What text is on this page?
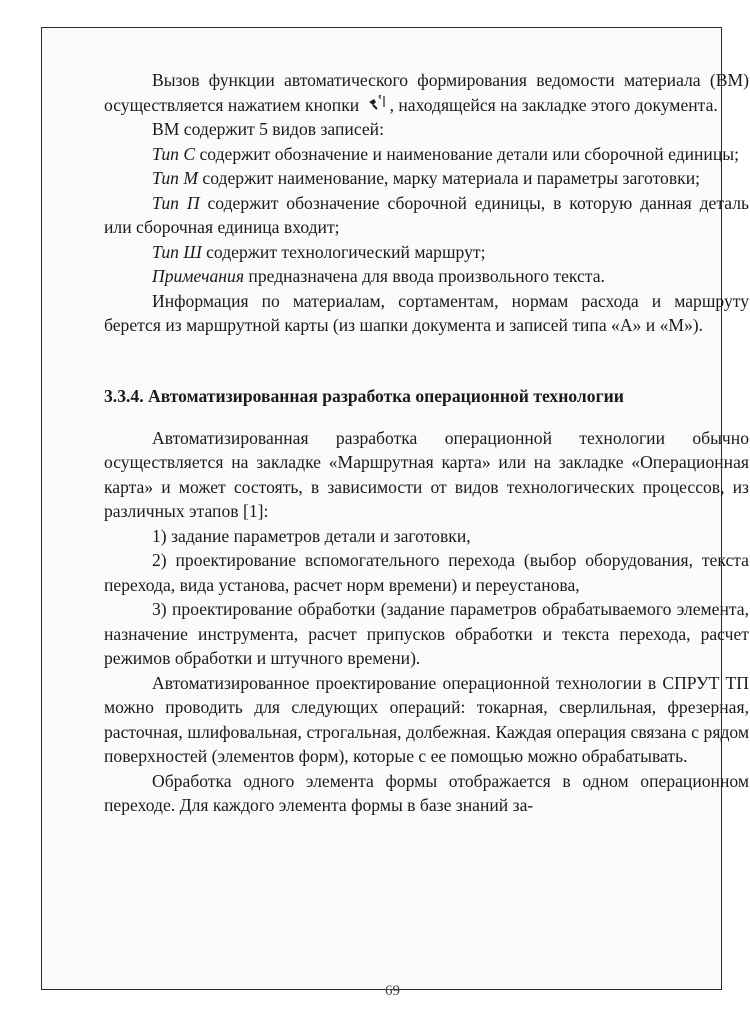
Вызов функции автоматического формирования ведомости материала (ВМ) осуществляется нажатием кнопки
, находящейся на закладке этого документа.

ВМ содержит 5 видов записей:

Тип С содержит обозначение и наименование детали или сборочной единицы;

Тип М содержит наименование, марку материала и параметры заготовки;

Тип П содержит обозначение сборочной единицы, в которую данная деталь или сборочная единица входит;

Тип Ш содержит технологический маршрут;

Примечания предназначена для ввода произвольного текста.

Информация по материалам, сортаментам, нормам расхода и маршруту берется из маршрутной карты (из шапки документа и записей типа «А» и «М»).

3.3.4. Автоматизированная разработка операционной технологии

Автоматизированная разработка операционной технологии обычно осуществляется на закладке «Маршрутная карта» или на закладке «Операционная карта» и может состоять, в зависимости от видов технологических процессов, из различных этапов [1]:

1) задание параметров детали и заготовки,

2) проектирование вспомогательного перехода (выбор оборудования, текста перехода, вида установа, расчет норм времени) и переустанова,

3) проектирование обработки (задание параметров обрабатываемого элемента, назначение инструмента, расчет припусков обработки и текста перехода, расчет режимов обработки и штучного времени).

Автоматизированное проектирование операционной технологии в СПРУТ ТП можно проводить для следующих операций: токарная, сверлильная, фрезерная, расточная, шлифовальная, строгальная, долбежная. Каждая операция связана с рядом поверхностей (элементов форм), которые с ее помощью можно обрабатывать.

Обработка одного элемента формы отображается в одном операционном переходе. Для каждого элемента формы в базе знаний за-

69
